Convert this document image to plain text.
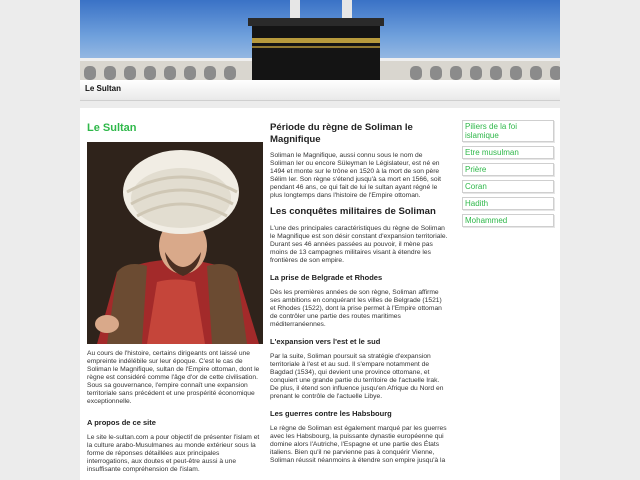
Le Sultan
Le Sultan

Au cours de l'histoire, certains dirigeants ont laissé une empreinte indélébile sur leur époque. C'est le cas de Soliman le Magnifique, sultan de l'Empire ottoman, dont le règne est considéré comme l'âge d'or de cette civilisation. Sous sa gouvernance, l'empire connaît une expansion territoriale sans précédent et une prospérité économique exceptionnelle.

A propos de ce site

Le site le-sultan.com a pour objectif de présenter l'islam et la culture arabo-Musulmanes au monde extérieur sous la forme de réponses détaillées aux principales interrogations, aux doutes et peut-être aussi à une insuffisante compréhension de l'islam.

Période du règne de Soliman le Magnifique

Soliman le Magnifique, aussi connu sous le nom de Soliman Ier ou encore Süleyman le Législateur, est né en 1494 et monte sur le trône en 1520 à la mort de son père Sélim Ier. Son règne s'étend jusqu'à sa mort en 1566, soit pendant 46 ans, ce qui fait de lui le sultan ayant régné le plus longtemps dans l'histoire de l'Empire ottoman.

Les conquêtes militaires de Soliman

L'une des principales caractéristiques du règne de Soliman le Magnifique est son désir constant d'expansion territoriale. Durant ses 46 années passées au pouvoir, il mène pas moins de 13 campagnes militaires visant à étendre les frontières de son empire.

La prise de Belgrade et Rhodes

Dès les premières années de son règne, Soliman affirme ses ambitions en conquérant les villes de Belgrade (1521) et Rhodes (1522), dont la prise permet à l'Empire ottoman de contrôler une partie des routes maritimes méditerranéennes.

L'expansion vers l'est et le sud

Par la suite, Soliman poursuit sa stratégie d'expansion territoriale à l'est et au sud. Il s'empare notamment de Bagdad (1534), qui devient une province ottomane, et conquiert une grande partie du territoire de l'actuelle Irak. De plus, il étend son influence jusqu'en Afrique du Nord en prenant le contrôle de l'actuelle Libye.

Les guerres contre les Habsbourg

Le règne de Soliman est également marqué par les guerres avec les Habsbourg, la puissante dynastie européenne qui domine alors l'Autriche, l'Espagne et une partie des États italiens. Bien qu'il ne parvienne pas à conquérir Vienne, Soliman réussit néanmoins à étendre son empire jusqu'à la

Piliers de la foi islamique
Etre musulman
Prière
Coran
Hadith
Mohammed
